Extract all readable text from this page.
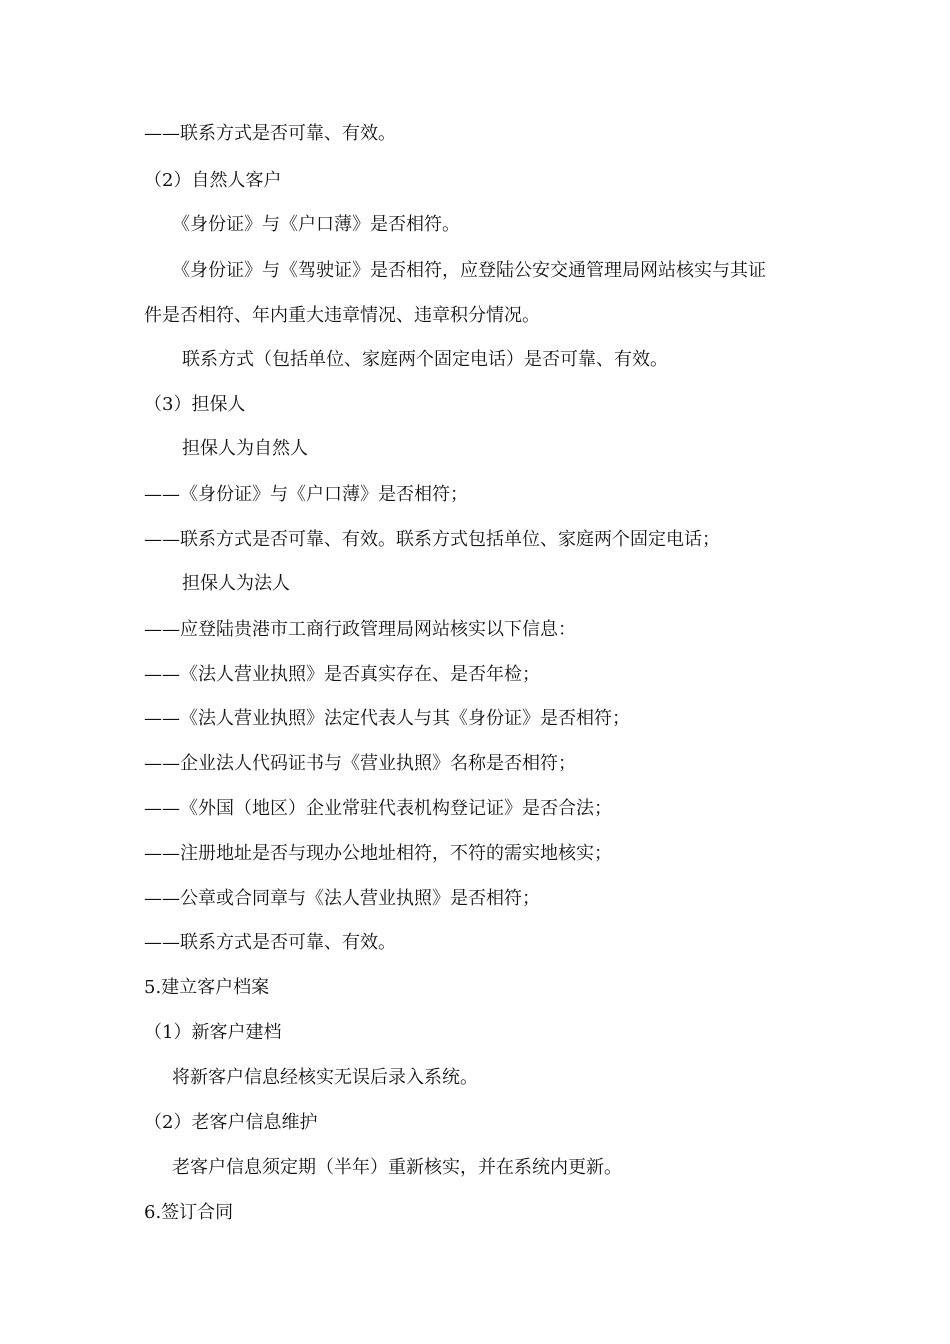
——联系方式是否可靠、有效。
（2）自然人客户
《身份证》与《户口薄》是否相符。
《身份证》与《驾驶证》是否相符，应登陆公安交通管理局网站核实与其证
件是否相符、年内重大违章情况、违章积分情况。
联系方式（包括单位、家庭两个固定电话）是否可靠、有效。
（3）担保人
担保人为自然人
——《身份证》与《户口薄》是否相符；
——联系方式是否可靠、有效。联系方式包括单位、家庭两个固定电话；
担保人为法人
——应登陆贵港市工商行政管理局网站核实以下信息：
——《法人营业执照》是否真实存在、是否年检；
——《法人营业执照》法定代表人与其《身份证》是否相符；
——企业法人代码证书与《营业执照》名称是否相符；
——《外国（地区）企业常驻代表机构登记证》是否合法；
——注册地址是否与现办公地址相符，不符的需实地核实；
——公章或合同章与《法人营业执照》是否相符；
——联系方式是否可靠、有效。
5.建立客户档案
（1）新客户建档
将新客户信息经核实无误后录入系统。
（2）老客户信息维护
老客户信息须定期（半年）重新核实，并在系统内更新。
6.签订合同
